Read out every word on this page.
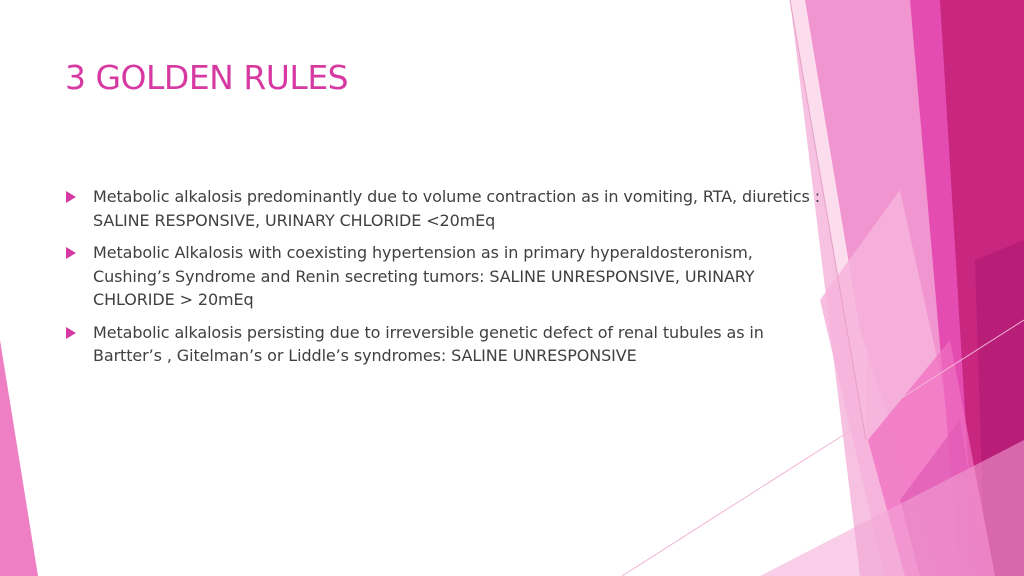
3 GOLDEN RULES
Metabolic alkalosis predominantly due to volume contraction as in vomiting, RTA, diuretics : SALINE RESPONSIVE, URINARY CHLORIDE <20mEq
Metabolic Alkalosis with coexisting hypertension as in primary hyperaldosteronism, Cushing’s Syndrome and Renin secreting tumors: SALINE UNRESPONSIVE, URINARY CHLORIDE > 20mEq
Metabolic alkalosis persisting due to irreversible genetic defect of renal tubules as in Bartter’s , Gitelman’s or Liddle’s syndromes: SALINE UNRESPONSIVE
